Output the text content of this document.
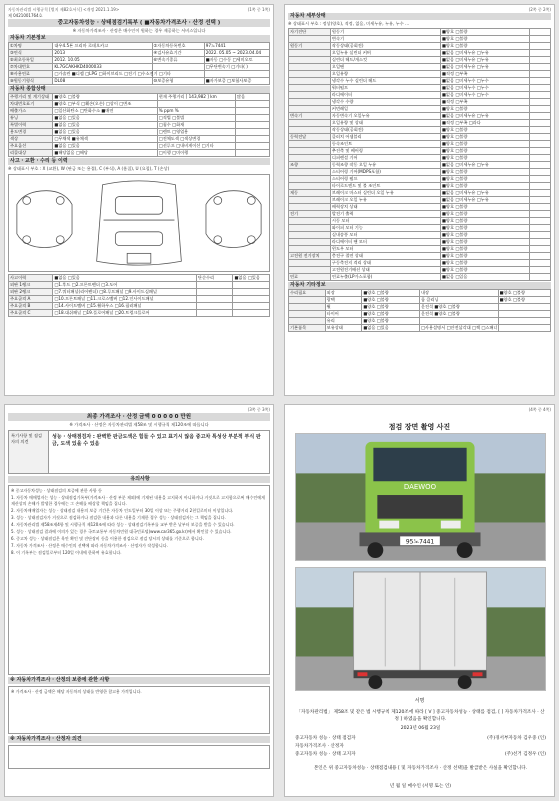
자동차관리법 시행규칙 [별지 제82호서식] <개정 2021.1.19>	(1쪽 중 1쪽)
제 0421001764호
중고자동차성능 · 상태점검기록부 ( ■자동차가격조사 · 산정 선택 )
※ 자동차가격조사 · 산정은 매수인이 원하는 경우 제공하는 서비스입니다
자동차 기본정보
①차명	대우4.5톤 프리마 로데오카고	②자동차등록번호	97노7441
③연식	2013	④검사유효기간	2022. 05.05 ~ 2023.04.04
⑤최초등록일	2012. 10.05	⑥변속기종류	■자동 □수동 □세미오토
⑦차대번호	KL7GCAKHKD4000033		□무단변속기 □기타( )
⑧사용연료	□가솔린 ■디젤 □LPG □하이브리드 □전기 □수소전기 □기타		
⑨원동기형식	DL08	⑩보증유형	■자가보증 □보험사보증
자동차 종합상태
주행거리 및 계기상태	■양호 □불량	현재 주행거리 [ 143,982 ] km	많음
차대번호표기	■양호 □부식 □훼손(오손) □상이 □변조		
배출가스	□일산화탄소 □탄화수소 ■매연	% ppm %	
튜닝	■없음 □있음	□적법 □불법	
특별이력	■없음 □있음	□침수 □화재	
용도변경	■없음 □있음	□렌트 □영업용	
색상	□무채색 ■유채색	□전체도색 □색상변경	
주요옵션	■없음 □있음	□선루프 □내비게이션 □기타	
리콜대상	■해당없음 □해당	□이행 □미이행	
사고 · 교환 · 수리 등 이력
※ 상태표시 부호 : X (교환), W (판금 또는 용접), C (부식), A (흠집), U (요철), T (손상)
사고이력	■없음 □있음	단순수리	■없음 □있음
외판 1랭크	□1.후드 □2.프론트펜더 □3.도어		
외판 2랭크	□7.쿼터패널(리어펜더) □8.루프패널 □9.사이드실패널		
주요골격 A	□10.프론트패널 □11.크로스멤버 □12.인사이드패널		
주요골격 B	□14.사이드멤버 □15.휠하우스 □16.필러패널		
주요골격 C	□18.대쉬패널 □19.플로어패널 □20.트렁크플로어		
(2쪽 중 2쪽)
자동차 세부상태
※ 상태표시 부호 : 정상(양호), 적정, 없음, 미세누유, 누유, 누수 ...
자기진단	원동기	■양호 □불량	
	변속기	■양호 □불량	
원동기	작동상태(공회전)	■양호 □불량	
	오일누유 실린더 커버	■없음 □미세누유 □누유	
	실린더 헤드/개스킷	■없음 □미세누유 □누유	
	오일팬	■없음 □미세누유 □누유	
	오일유량	■적정 □부족	
	냉각수 누수 실린더 헤드	■없음 □미세누수 □누수	
	워터펌프	■없음 □미세누수 □누수	
	라디에이터	■없음 □미세누수 □누수	
	냉각수 수량	■적정 □부족	
	커먼레일	■양호 □불량	
변속기	자동변속기 오일누유	■없음 □미세누유 □누유	
	오일유량 및 상태	■적정 □부족 □과다	
	작동상태(공회전)	■양호 □불량	
동력전달	클러치 어셈블리	■양호 □불량	
	등속조인트	■양호 □불량	
	추진축 및 베어링	■양호 □불량	
	디퍼렌셜 기어	■양호 □불량	
조향	동력조향 작동 오일 누유	■없음 □미세누유 □누유	
	스티어링 기어(MDPS포함)	■양호 □불량	
	스티어링 펌프	■양호 □불량	
	타이로드엔드 및 볼 조인트	■양호 □불량	
제동	브레이크 마스터 실린더 오일 누유	■없음 □미세누유 □누유	
	브레이크 오일 누유	■없음 □미세누유 □누유	
	배력장치 상태	■양호 □불량	
전기	발전기 출력	■양호 □불량	
	시동 모터	■양호 □불량	
	와이퍼 모터 기능	■양호 □불량	
	실내송풍 모터	■양호 □불량	
	라디에이터 팬 모터	■양호 □불량	
	윈도우 모터	■양호 □불량	
고전원 전기장치	충전구 절연 상태	■양호 □불량	
	구동축전지 격리 상태	■양호 □불량	
	고전원전기배선 상태	■양호 □불량	
연료	연료누출(LP가스포함)	■없음 □있음	
자동차 기타정보
수리필요	외장	■양호 □불량	내장	■양호 □불량
	광택	■양호 □불량	룸 클리닝	■양호 □불량
	휠	■양호 □불량	운전석 ■양호 □불량	
	타이어	■양호 □불량	운전석 ■양호 □불량	
	유리	■양호 □불량		
기본품목	보유상태	■없음 □있음	□사용설명서 □안전삼각대 □잭 □스패너	
(3쪽 중 3쪽)
최종 가격조사 · 산정 금액 0 0 0 0 0 만원
※ 가격조사 · 산정은 자동차관리법 제58조 및 시행규칙 제120조에 따릅니다
특기사항 및 점검자의 의견
성능 · 상태점검자 : 완벽한 판금도색은 힘들 수 있고 표기시 않음 중고차 특성상 부분적 부식 판금, 도색 있을 수 있음
유의사항

※ 중고자동차성능 · 상태점검의 보증에 관한 사항 등

1. 자동차 매매업자는 성능 · 상태점검기록부(가격조사 · 산정 부분 제외)에 기재된 내용을 고지하지 아니하거나 거짓으로 고지함으로써 매수인에게 재산상의 손해가 발생한 경우에는 그 손해를 배상할 책임을 집니다.

2. 자동차매매업자는 성능 · 상태점검 내용의 보증 기간은 자동차 인도일부터 30일 이상 또는 주행거리 2천킬로미터 이상입니다.

3. 성능 · 상태점검자가 거짓으로 점검하거나 점검한 내용과 다른 내용을 기재한 경우 성능 · 상태점검자는 그 책임을 집니다.

4. 자동차관리법 제58조제4항 및 시행규칙 제120조에 따라 성능 · 상태점검기록부를 교부 받은 날부터 보증을 받을 수 있습니다.

5. 성능 · 상태점검 결과에 이의가 있는 경우 국토교통부 자동차민원 대국민포털(www.car365.go.kr)에서 확인할 수 있습니다.

6. 중고차 성능 · 상태점검은 육안 확인 및 진단장비 등을 이용한 점검으로 점검 당시의 상태를 기준으로 합니다.

7. 자동차 가격조사 · 산정은 매수인의 선택에 따라 자동차가격조사 · 산정자가 작성합니다.

8. 이 기록부는 점검일로부터 120일 이내에 한하여 유효합니다.

※ 자동차가격조사 · 산정의 보증에 관한 사항

※ 가격조사 · 산정 금액은 해당 자동차의 상태를 반영한 참고용 가격입니다.

※ 자동차가격조사 · 산정자 의견
(4쪽 중 4쪽)
점검 장면 촬영 사진
DAEWOO
95노7441
서명
「자동차관리법」 제58조 및 같은 법 시행규칙 제120조에 따라 [ V ] 중고자동차성능 · 상태를 점검, [ ] 자동차가격조사 · 산정 ] 하였음을 확인합니다.
2023년 06월 23일
중고자동차 성능 · 상태 점검자	(주)경서부자동차 김우중 (인)
자동차가격조사 · 산정자
중고자동차 성능 · 상태 고지자	(주)선거 김정우 (인)
본인은 위 중고자동차성능 · 상태점검내용 [ 및 자동차가격조사 · 산정 선택]을 발급받은 사실을 확인합니다.
년 월 일 매수인 (서명 또는 인)
